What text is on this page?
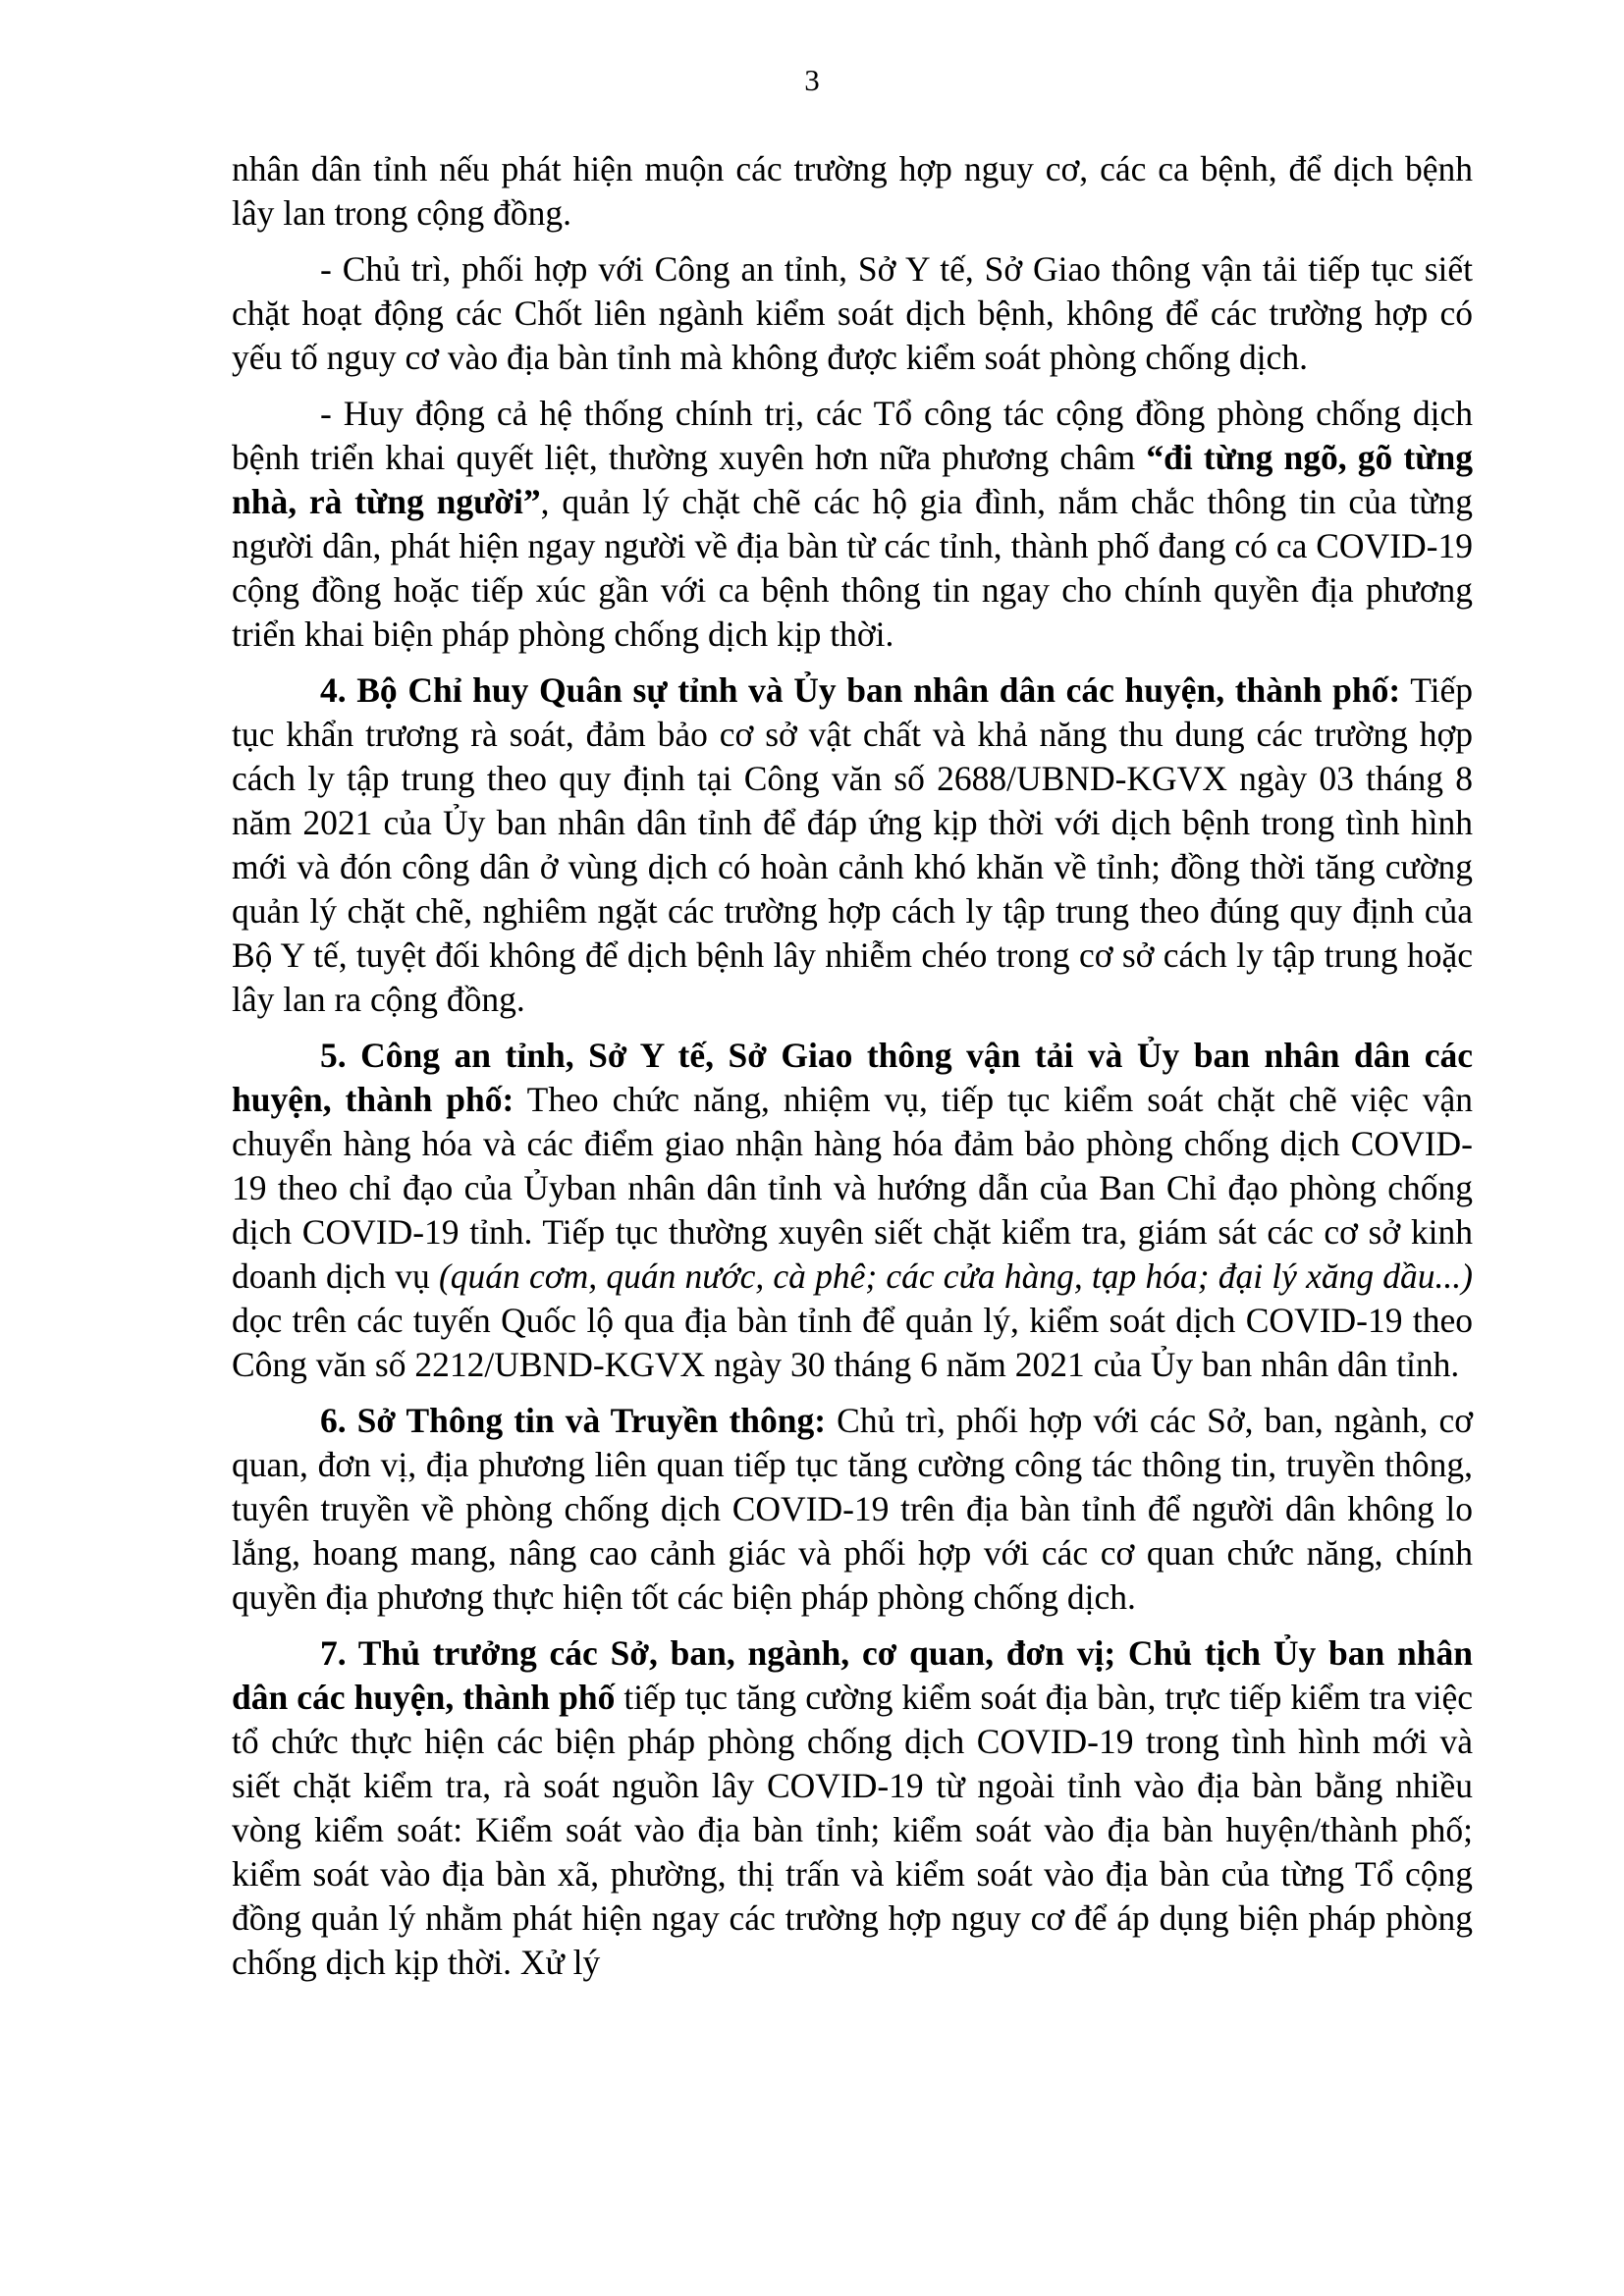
3

nhân dân tỉnh nếu phát hiện muộn các trường hợp nguy cơ, các ca bệnh, để dịch bệnh lây lan trong cộng đồng.

- Chủ trì, phối hợp với Công an tỉnh, Sở Y tế, Sở Giao thông vận tải tiếp tục siết chặt hoạt động các Chốt liên ngành kiểm soát dịch bệnh, không để các trường hợp có yếu tố nguy cơ vào địa bàn tỉnh mà không được kiểm soát phòng chống dịch.

- Huy động cả hệ thống chính trị, các Tổ công tác cộng đồng phòng chống dịch bệnh triển khai quyết liệt, thường xuyên hơn nữa phương châm “đi từng ngõ, gõ từng nhà, rà từng người”, quản lý chặt chẽ các hộ gia đình, nắm chắc thông tin của từng người dân, phát hiện ngay người về địa bàn từ các tỉnh, thành phố đang có ca COVID-19 cộng đồng hoặc tiếp xúc gần với ca bệnh thông tin ngay cho chính quyền địa phương triển khai biện pháp phòng chống dịch kịp thời.

4. Bộ Chỉ huy Quân sự tỉnh và Ủy ban nhân dân các huyện, thành phố: Tiếp tục khẩn trương rà soát, đảm bảo cơ sở vật chất và khả năng thu dung các trường hợp cách ly tập trung theo quy định tại Công văn số 2688/UBND-KGVX ngày 03 tháng 8 năm 2021 của Ủy ban nhân dân tỉnh để đáp ứng kịp thời với dịch bệnh trong tình hình mới và đón công dân ở vùng dịch có hoàn cảnh khó khăn về tỉnh; đồng thời tăng cường quản lý chặt chẽ, nghiêm ngặt các trường hợp cách ly tập trung theo đúng quy định của Bộ Y tế, tuyệt đối không để dịch bệnh lây nhiễm chéo trong cơ sở cách ly tập trung hoặc lây lan ra cộng đồng.

5. Công an tỉnh, Sở Y tế, Sở Giao thông vận tải và Ủy ban nhân dân các huyện, thành phố: Theo chức năng, nhiệm vụ, tiếp tục kiểm soát chặt chẽ việc vận chuyển hàng hóa và các điểm giao nhận hàng hóa đảm bảo phòng chống dịch COVID-19 theo chỉ đạo của Ủyban nhân dân tỉnh và hướng dẫn của Ban Chỉ đạo phòng chống dịch COVID-19 tỉnh. Tiếp tục thường xuyên siết chặt kiểm tra, giám sát các cơ sở kinh doanh dịch vụ (quán cơm, quán nước, cà phê; các cửa hàng, tạp hóa; đại lý xăng dầu...) dọc trên các tuyến Quốc lộ qua địa bàn tỉnh để quản lý, kiểm soát dịch COVID-19 theo Công văn số 2212/UBND-KGVX ngày 30 tháng 6 năm 2021 của Ủy ban nhân dân tỉnh.

6. Sở Thông tin và Truyền thông: Chủ trì, phối hợp với các Sở, ban, ngành, cơ quan, đơn vị, địa phương liên quan tiếp tục tăng cường công tác thông tin, truyền thông, tuyên truyền về phòng chống dịch COVID-19 trên địa bàn tỉnh để người dân không lo lắng, hoang mang, nâng cao cảnh giác và phối hợp với các cơ quan chức năng, chính quyền địa phương thực hiện tốt các biện pháp phòng chống dịch.

7. Thủ trưởng các Sở, ban, ngành, cơ quan, đơn vị; Chủ tịch Ủy ban nhân dân các huyện, thành phố tiếp tục tăng cường kiểm soát địa bàn, trực tiếp kiểm tra việc tổ chức thực hiện các biện pháp phòng chống dịch COVID-19 trong tình hình mới và siết chặt kiểm tra, rà soát nguồn lây COVID-19 từ ngoài tỉnh vào địa bàn bằng nhiều vòng kiểm soát: Kiểm soát vào địa bàn tỉnh; kiểm soát vào địa bàn huyện/thành phố; kiểm soát vào địa bàn xã, phường, thị trấn và kiểm soát vào địa bàn của từng Tổ cộng đồng quản lý nhằm phát hiện ngay các trường hợp nguy cơ để áp dụng biện pháp phòng chống dịch kịp thời. Xử lý
